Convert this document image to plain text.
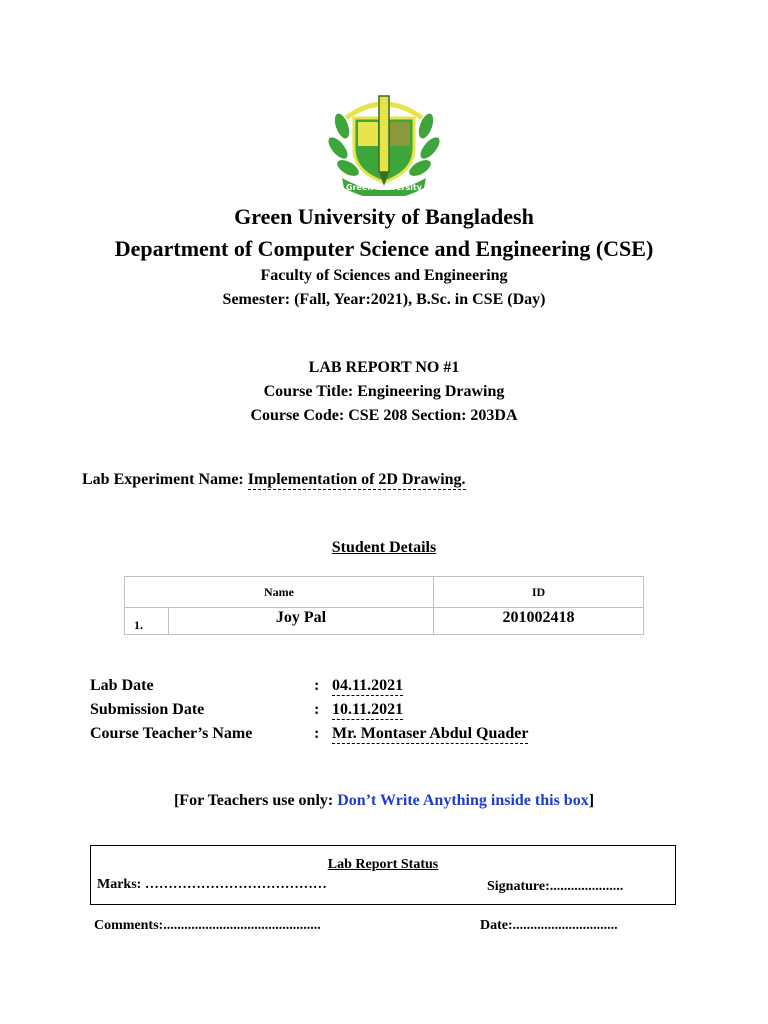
Green University
Green University of Bangladesh
Department of Computer Science and Engineering (CSE)
Faculty of Sciences and Engineering
Semester: (Fall, Year:2021), B.Sc. in CSE (Day)
LAB REPORT NO #1
Course Title: Engineering Drawing
Course Code: CSE 208 Section: 203DA
Lab Experiment Name: Implementation of 2D Drawing.
Student Details
Name		ID
1.	Joy Pal	201002418
Lab Date	: 04.11.2021
Submission Date	: 10.11.2021
Course Teacher’s Name	: Mr. Montaser Abdul Quader
[For Teachers use only: Don’t Write Anything inside this box]
Lab Report Status
Marks: …………………………………	Signature:.....................
Comments:.............................................	Date:..............................
